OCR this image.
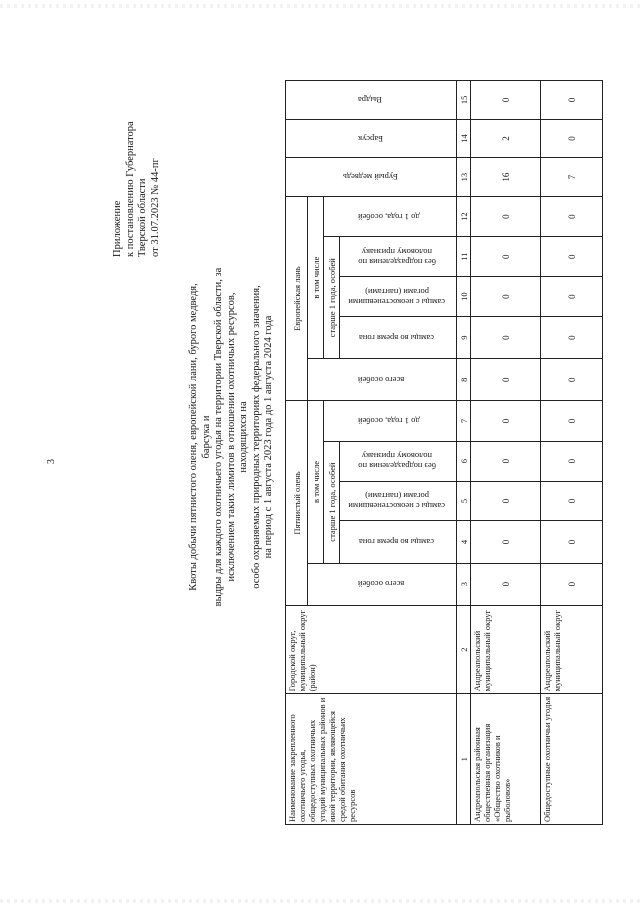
3
Приложение к постановлению Губернатора Тверской области от 31.07.2023 № 44-пг
Квоты добычи пятнистого оленя, европейской лани, бурого медведя, барсука и выдры для каждого охотничьего угодья на территории Тверской области, за исключением таких лимитов в отношении охотничьих ресурсов, находящихся на особо охраняемых природных территориях федерального значения, на период с 1 августа 2023 года до 1 августа 2024 года
Наименование закрепленного охотничьего угодья, общедоступных охотничьих угодий муниципальных районов и иной территории, являющейся средой обитания охотничьих ресурсов	Городской округ, муниципальный округ (район)	Пятнистый олень					Европейская лань					Бурый медведь	Барсук	Выдра
		всего особей	в том числе				всего особей	в том числе						
			старше 1 года, особей			до 1 года, особей		старше 1 года, особей			до 1 года, особей			
			самцы во время гона	самцы с неокостеневшими рогами (пантами)	без подразделения по половому признаку			самцы во время гона	самцы с неокостеневшими рогами (пантами)	без подразделения по половому признаку				
1	2	3	4	5	6	7	8	9	10	11	12	13	14	15
Андреапольская районная общественная организация «Общество охотников и рыболовов»	Андреапольский муниципальный округ	0	0	0	0	0	0	0	0	0	0	16	2	0
Общедоступные охотничьи угодья	Андреапольский муниципальный округ	0	0	0	0	0	0	0	0	0	0	7	0	0
